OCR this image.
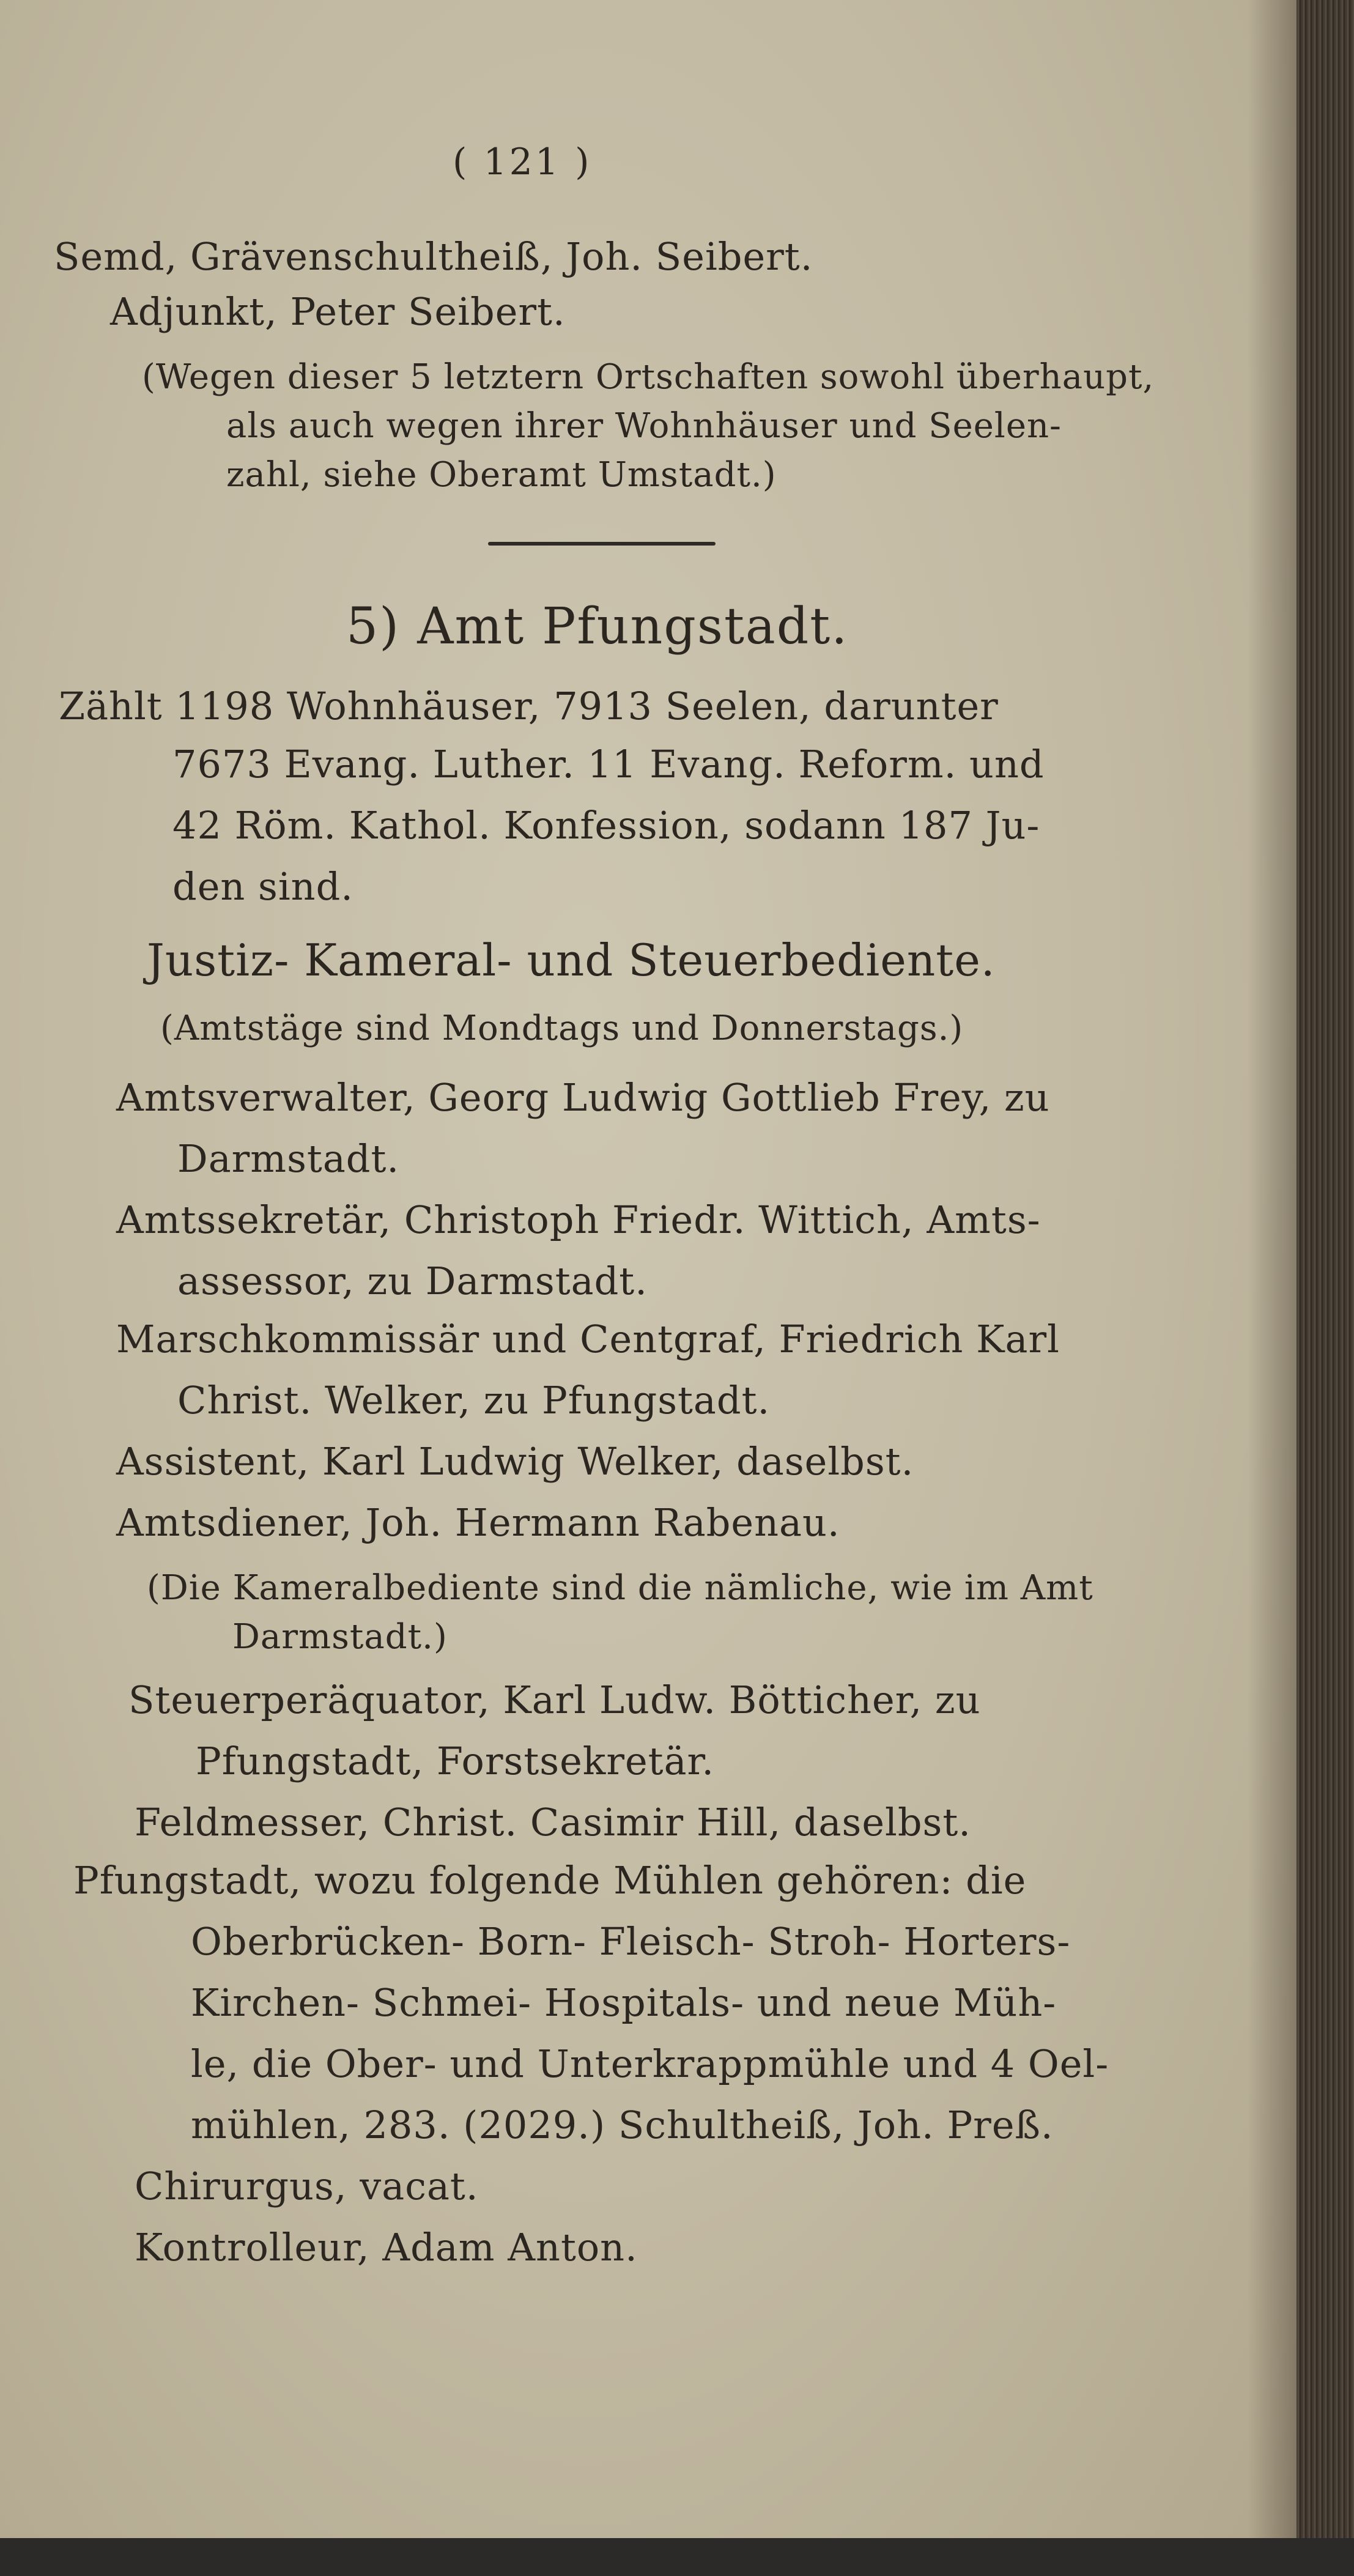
( 121 )
Semd, Grävenschultheiß, Joh. Seibert.
Adjunkt, Peter Seibert.
(Wegen dieser 5 letztern Ortschaften sowohl überhaupt,
als auch wegen ihrer Wohnhäuser und Seelen-
zahl, siehe Oberamt Umstadt.)
5) Amt Pfungstadt.
Zählt 1198 Wohnhäuser, 7913 Seelen, darunter
7673 Evang. Luther. 11 Evang. Reform. und
42 Röm. Kathol. Konfession, sodann 187 Ju-
den sind.
Justiz- Kameral- und Steuerbediente.
(Amtstäge sind Mondtags und Donnerstags.)
Amtsverwalter, Georg Ludwig Gottlieb Frey, zu
Darmstadt.
Amtssekretär, Christoph Friedr. Wittich, Amts-
assessor, zu Darmstadt.
Marschkommissär und Centgraf, Friedrich Karl
Christ. Welker, zu Pfungstadt.
Assistent, Karl Ludwig Welker, daselbst.
Amtsdiener, Joh. Hermann Rabenau.
(Die Kameralbediente sind die nämliche, wie im Amt
Darmstadt.)
Steuerperäquator, Karl Ludw. Bötticher, zu
Pfungstadt, Forstsekretär.
Feldmesser, Christ. Casimir Hill, daselbst.
Pfungstadt, wozu folgende Mühlen gehören: die
Oberbrücken- Born- Fleisch- Stroh- Horters-
Kirchen- Schmei- Hospitals- und neue Müh-
le, die Ober- und Unterkrappmühle und 4 Oel-
mühlen, 283. (2029.) Schultheiß, Joh. Preß.
Chirurgus, vacat.
Kontrolleur, Adam Anton.
